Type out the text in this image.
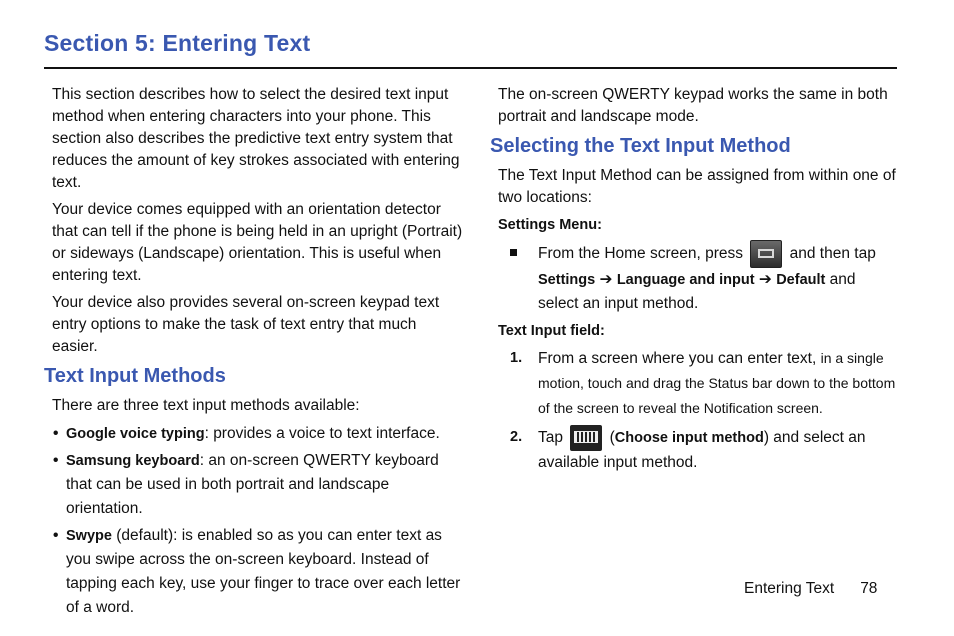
Section 5: Entering Text

This section describes how to select the desired text input method when entering characters into your phone. This section also describes the predictive text entry system that reduces the amount of key strokes associated with entering text.

Your device comes equipped with an orientation detector that can tell if the phone is being held in an upright (Portrait) or sideways (Landscape) orientation. This is useful when entering text.

Your device also provides several on-screen keypad text entry options to make the task of text entry that much easier.

Text Input Methods

There are three text input methods available:

• Google voice typing: provides a voice to text interface.
• Samsung keyboard: an on-screen QWERTY keyboard that can be used in both portrait and landscape orientation.
• Swype (default): is enabled so as you can enter text as you swipe across the on-screen keyboard. Instead of tapping each key, use your finger to trace over each letter of a word.

The on-screen QWERTY keypad works the same in both portrait and landscape mode.

Selecting the Text Input Method

The Text Input Method can be assigned from within one of two locations:

Settings Menu:
From the Home screen, press	and then tap
Settings ➔ Language and input ➔ Default and select an input method.
Text Input field:
1. From a screen where you can enter text, in a single motion, touch and drag the Status bar down to the bottom of the screen to reveal the Notification screen.
2. Tap	(Choose input method) and select an available input method.
Entering Text 78
